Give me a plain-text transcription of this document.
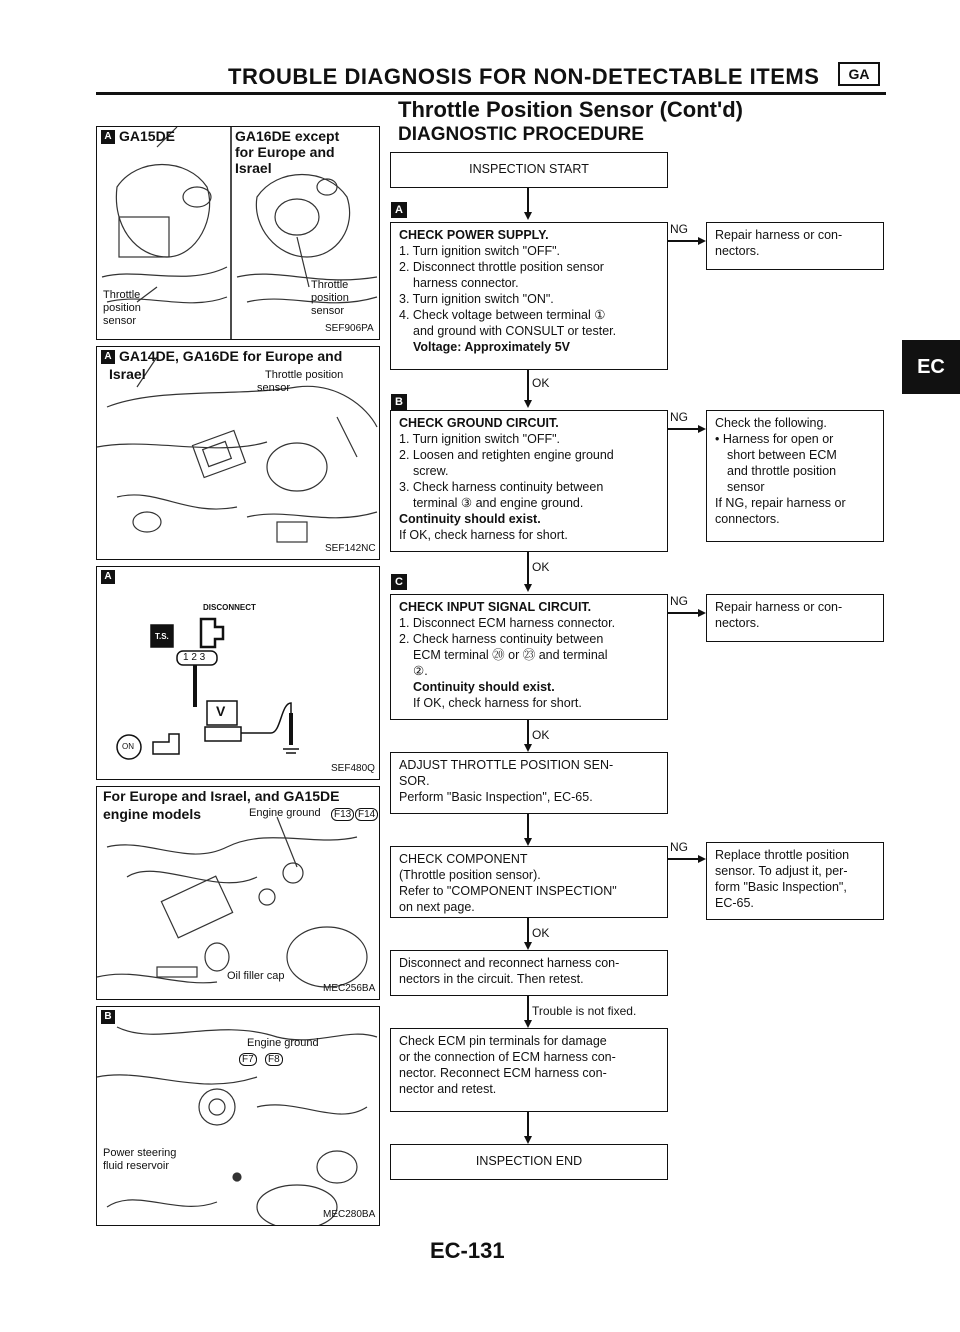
TROUBLE DIAGNOSIS FOR NON-DETECTABLE ITEMS	GA
Throttle Position Sensor (Cont'd)
DIAGNOSTIC PROCEDURE
EC
A GA15DE	GA16DE except
for Europe and
Israel
Throttle
position
sensor
Throttle
position
sensor
SEF906PA
A GA14DE, GA16DE for Europe and
Israel	Throttle position
sensor
SEF142NC
A
DISCONNECT
T.S.
1 2 3
V
ON
SEF480Q
For Europe and Israel, and GA15DE
engine models	Engine ground	F13 F14
Oil filler cap
MEC256BA
B
Engine ground
F7	F8
Power steering
fluid reservoir
MEC280BA
INSPECTION START
A
CHECK POWER SUPPLY.
1. Turn ignition switch "OFF".
2. Disconnect throttle position sensor
harness connector.
3. Turn ignition switch "ON".
4. Check voltage between terminal ①
and ground with CONSULT or tester.
Voltage: Approximately 5V
NG Repair harness or con-
nectors.
OK
B
CHECK GROUND CIRCUIT.
1. Turn ignition switch "OFF".
2. Loosen and retighten engine ground
screw.
3. Check harness continuity between
terminal ③ and engine ground.
Continuity should exist.
If OK, check harness for short.
NG Check the following.
• Harness for open or
short between ECM
and throttle position
sensor
If NG, repair harness or
connectors.
OK
C
CHECK INPUT SIGNAL CIRCUIT.
1. Disconnect ECM harness connector.
2. Check harness continuity between
ECM terminal ⑳ or ㉓ and terminal
②.
Continuity should exist.
If OK, check harness for short.
NG Repair harness or con-
nectors.
OK
ADJUST THROTTLE POSITION SEN-
SOR.
Perform "Basic Inspection", EC-65.
CHECK COMPONENT
(Throttle position sensor).
Refer to "COMPONENT INSPECTION"
on next page.
NG
Replace throttle position
sensor. To adjust it, per-
form "Basic Inspection",
EC-65.
OK
Disconnect and reconnect harness con-
nectors in the circuit. Then retest.
Trouble is not fixed.
Check ECM pin terminals for damage
or the connection of ECM harness con-
nector. Reconnect ECM harness con-
nector and retest.
INSPECTION END
EC-131
